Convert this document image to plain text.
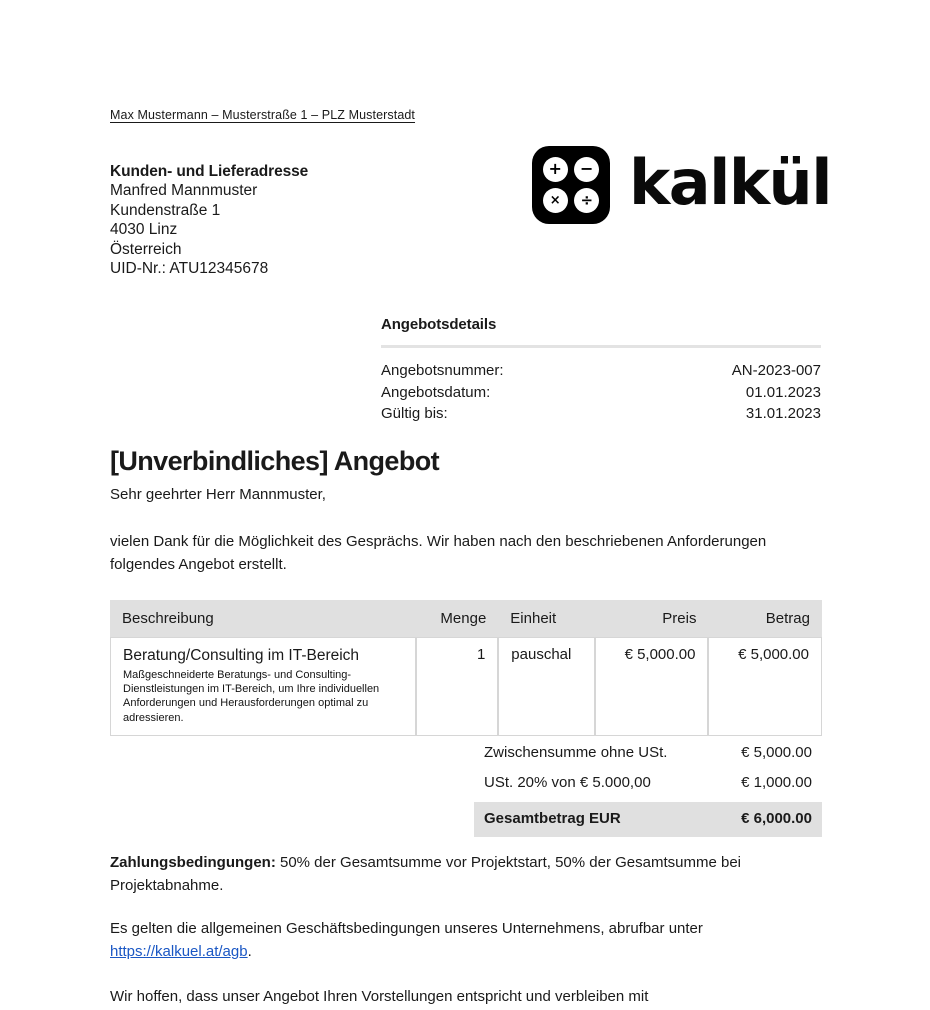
Max Mustermann – Musterstraße 1 – PLZ Musterstadt
Kunden- und Lieferadresse
Manfred Mannmuster
Kundenstraße 1
4030 Linz
Österreich
UID-Nr.: ATU12345678
+	−
×	÷ kalkül
Angebotsdetails
Angebotsnummer:	AN-2023-007
Angebotsdatum:	01.01.2023
Gültig bis:	31.01.2023
[Unverbindliches] Angebot
Sehr geehrter Herr Mannmuster,
vielen Dank für die Möglichkeit des Gesprächs. Wir haben nach den beschriebenen Anforderungen folgendes Angebot erstellt.
Beschreibung	Menge	Einheit	Preis	Betrag

Beratung/Consulting im IT-Bereich
Maßgeschneiderte Beratungs- und Consulting-Dienstleistungen im IT-Bereich, um Ihre individuellen Anforderungen und Herausforderungen optimal zu adressieren.	1	pauschal	€ 5,000.00	€ 5,000.00
Zwischensumme ohne USt.	€ 5,000.00
USt. 20% von € 5.000,00	€ 1,000.00
Gesamtbetrag EUR	€ 6,000.00
Zahlungsbedingungen: 50% der Gesamtsumme vor Projektstart, 50% der Gesamtsumme bei Projektabnahme.
Es gelten die allgemeinen Geschäftsbedingungen unseres Unternehmens, abrufbar unter https://kalkuel.at/agb.
Wir hoffen, dass unser Angebot Ihren Vorstellungen entspricht und verbleiben mit
